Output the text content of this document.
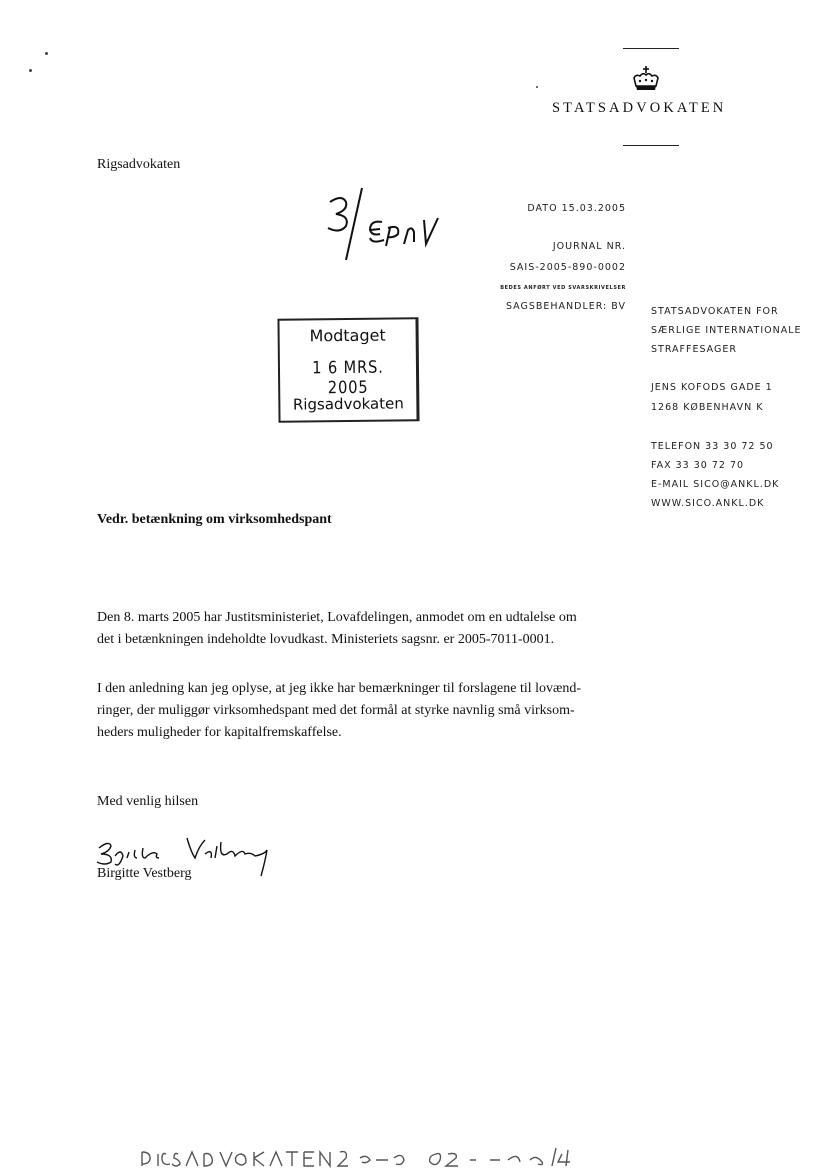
STATSADVOKATEN
Rigsadvokaten
DATO 15.03.2005
JOURNAL NR.
SAIS-2005-890-0002
BEDES ANFØRT VED SVARSKRIVELSER
SAGSBEHANDLER: BV
Modtaget
1 6 MRS. 2005
Rigsadvokaten
STATSADVOKATEN FOR
SÆRLIGE INTERNATIONALE
STRAFFESAGER
JENS KOFODS GADE 1
1268 KØBENHAVN K
TELEFON 33 30 72 50
FAX 33 30 72 70
E-MAIL SICO@ANKL.DK
WWW.SICO.ANKL.DK
Vedr. betænkning om virksomhedspant
Den 8. marts 2005 har Justitsministeriet, Lovafdelingen, anmodet om en udtalelse om
det i betænkningen indeholdte lovudkast. Ministeriets sagsnr. er 2005-7011-0001.
I den anledning kan jeg oplyse, at jeg ikke har bemærkninger til forslagene til lovænd-
ringer, der muliggør virksomhedspant med det formål at styrke navnlig små virksom-
heders muligheder for kapitalfremskaffelse.
Med venlig hilsen
Birgitte Vestberg
